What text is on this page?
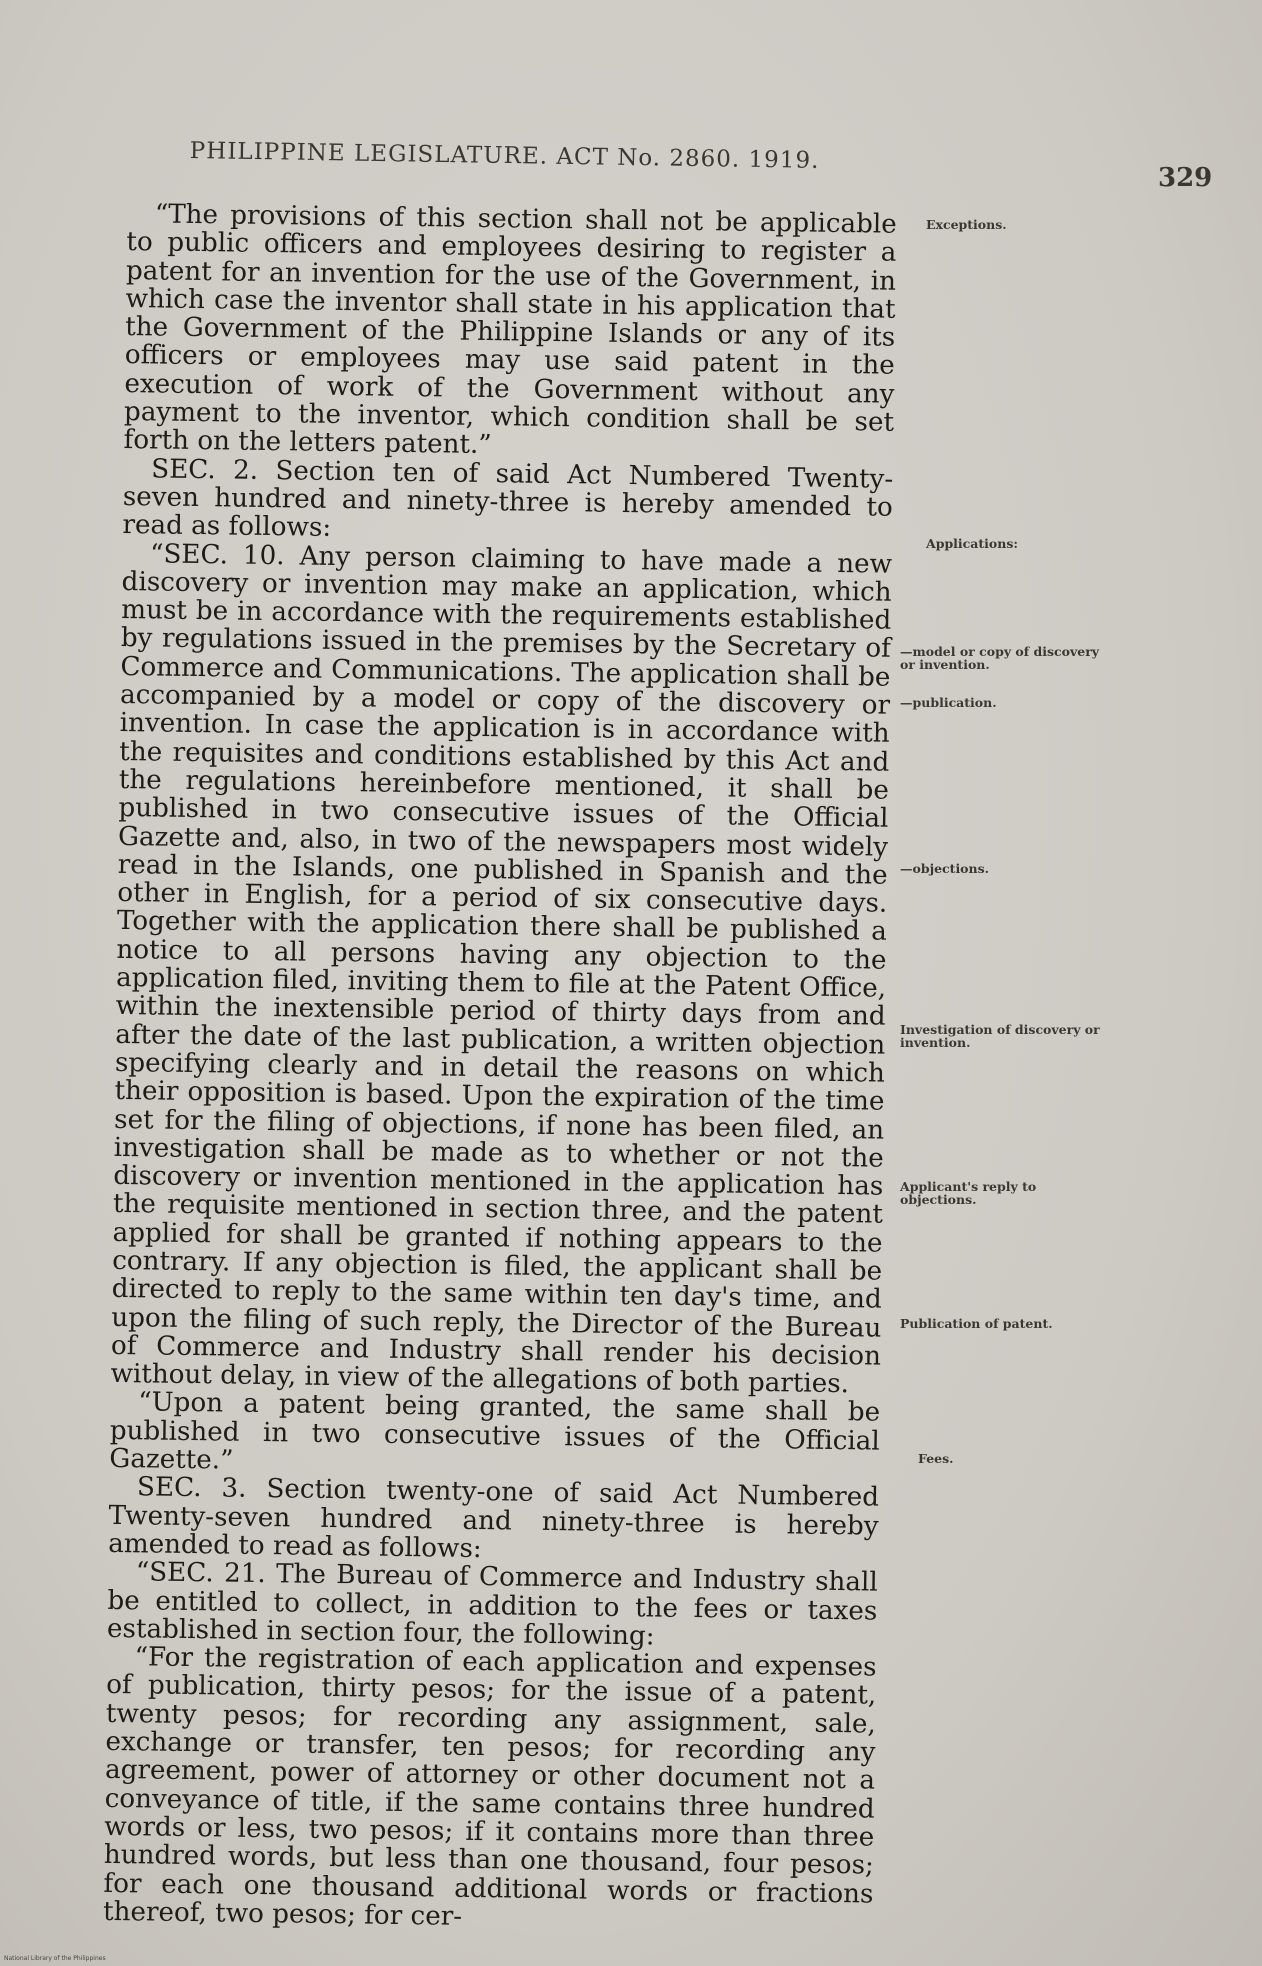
PHILIPPINE LEGISLATURE. ACT No. 2860. 1919.
329

“The provisions of this section shall not be applicable to public officers and employees desiring to register a patent for an invention for the use of the Government, in which case the inventor shall state in his application that the Government of the Philippine Islands or any of its officers or employees may use said patent in the execution of work of the Government without any payment to the inventor, which condition shall be set forth on the letters patent.”

SEC. 2. Section ten of said Act Numbered Twenty-seven hundred and ninety-three is hereby amended to read as follows:

“SEC. 10. Any person claiming to have made a new discovery or invention may make an application, which must be in accordance with the requirements established by regulations issued in the premises by the Secretary of Commerce and Communications. The application shall be accompanied by a model or copy of the discovery or invention. In case the application is in accordance with the requisites and conditions established by this Act and the regulations hereinbefore mentioned, it shall be published in two consecutive issues of the Official Gazette and, also, in two of the newspapers most widely read in the Islands, one published in Spanish and the other in English, for a period of six consecutive days. Together with the application there shall be published a notice to all persons having any objection to the application filed, inviting them to file at the Patent Office, within the inextensible period of thirty days from and after the date of the last publication, a written objection specifying clearly and in detail the reasons on which their opposition is based. Upon the expiration of the time set for the filing of objections, if none has been filed, an investigation shall be made as to whether or not the discovery or invention mentioned in the application has the requisite mentioned in section three, and the patent applied for shall be granted if nothing appears to the contrary. If any objection is filed, the applicant shall be directed to reply to the same within ten day's time, and upon the filing of such reply, the Director of the Bureau of Commerce and Industry shall render his decision without delay, in view of the allegations of both parties.

“Upon a patent being granted, the same shall be published in two consecutive issues of the Official Gazette.”

SEC. 3. Section twenty-one of said Act Numbered Twenty-seven hundred and ninety-three is hereby amended to read as follows:

“SEC. 21. The Bureau of Commerce and Industry shall be entitled to collect, in addition to the fees or taxes established in section four, the following:

“For the registration of each application and expenses of publication, thirty pesos; for the issue of a patent, twenty pesos; for recording any assignment, sale, exchange or transfer, ten pesos; for recording any agreement, power of attorney or other document not a conveyance of title, if the same contains three hundred words or less, two pesos; if it contains more than three hundred words, but less than one thousand, four pesos; for each one thousand additional words or fractions thereof, two pesos; for cer-

Exceptions.
Applications:
—model or copy of discovery or invention.
—publication.
—objections.
Investigation of discovery or invention.
Applicant's reply to objections.
Publication of patent.
Fees.
National Library of the Philippines
